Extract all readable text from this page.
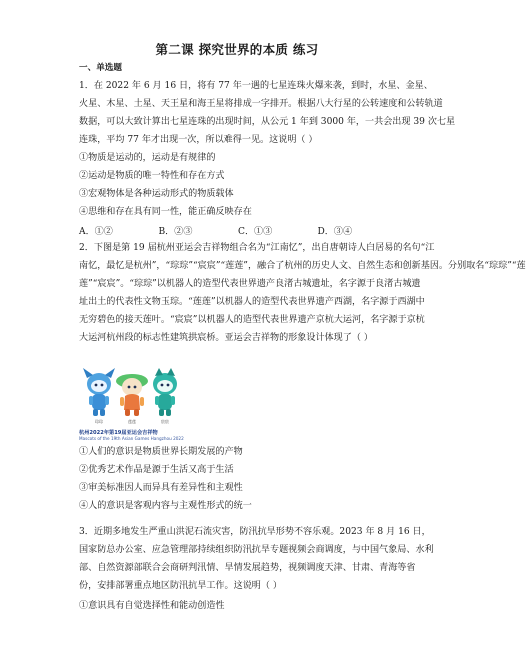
第二课 探究世界的本质 练习
一、单选题
1．在 2022 年 6 月 16 日，将有 77 年一遇的七星连珠火爆来袭，到时，水星、金星、
火星、木星、土星、天王星和海王星将排成一字排开。根据八大行星的公转速度和公转轨道
数据，可以大致计算出七星连珠的出现时间，从公元 1 年到 3000 年，一共会出现 39 次七星
连珠，平均 77 年才出现一次，所以难得一见。这说明（ ）
①物质是运动的，运动是有规律的
②运动是物质的唯一特性和存在方式
③宏观物体是各种运动形式的物质载体
④思维和存在具有同一性，能正确反映存在
A．①②	B．②③	C．①③	D．③④
2．下图是第 19 届杭州亚运会吉祥物组合名为“江南忆”，出自唐朝诗人白居易的名句“江
南忆，最忆是杭州”，“琮琮”“宸宸”“莲莲”，融合了杭州的历史人文、自然生态和创新基因。分别取名“琮琮”“莲
莲”“宸宸”。“琮琮”以机器人的造型代表世界遗产良渚古城遗址，名字源于良渚古城遗
址出土的代表性文物玉琮。“莲莲”以机器人的造型代表世界遗产西湖，名字源于西湖中
无穷碧色的接天莲叶。“宸宸”以机器人的造型代表世界遗产京杭大运河，名字源于京杭
大运河杭州段的标志性建筑拱宸桥。亚运会吉祥物的形象设计体现了（ ）
琮琮	莲莲	宸宸
杭州2022年第19届亚运会吉祥物
Mascots of the 19th Asian Games Hangzhou 2022
①人们的意识是物质世界长期发展的产物
②优秀艺术作品是源于生活又高于生活
③审美标准因人而异具有差异性和主观性
④人的意识是客观内容与主观性形式的统一
3．近期多地发生严重山洪泥石流灾害，防汛抗旱形势不容乐观。2023 年 8 月 16 日，
国家防总办公室、应急管理部持续组织防汛抗旱专题视频会商调度，与中国气象局、水利
部、自然资源部联合会商研判汛情、旱情发展趋势，视频调度天津、甘肃、青海等省
份，安排部署重点地区防汛抗旱工作。这说明（ ）
①意识具有自觉选择性和能动创造性
